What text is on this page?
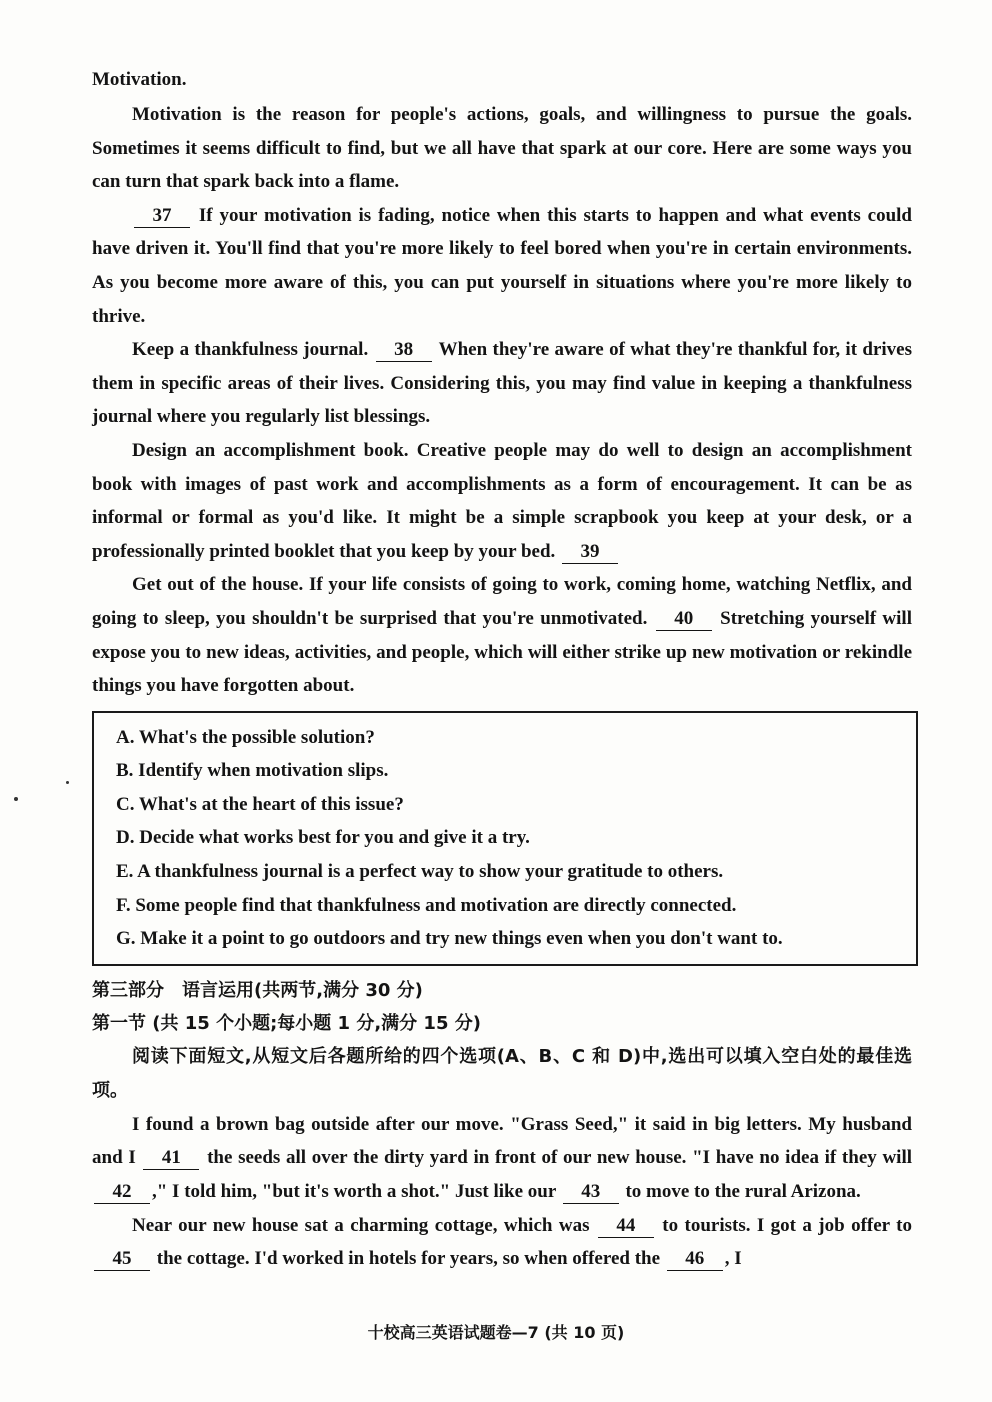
Motivation.

Motivation is the reason for people's actions, goals, and willingness to pursue the goals. Sometimes it seems difficult to find, but we all have that spark at our core. Here are some ways you can turn that spark back into a flame.

37 If your motivation is fading, notice when this starts to happen and what events could have driven it. You'll find that you're more likely to feel bored when you're in certain environments. As you become more aware of this, you can put yourself in situations where you're more likely to thrive.

Keep a thankfulness journal. 38 When they're aware of what they're thankful for, it drives them in specific areas of their lives. Considering this, you may find value in keeping a thankfulness journal where you regularly list blessings.

Design an accomplishment book. Creative people may do well to design an accomplishment book with images of past work and accomplishments as a form of encouragement. It can be as informal or formal as you'd like. It might be a simple scrapbook you keep at your desk, or a professionally printed booklet that you keep by your bed. 39

Get out of the house. If your life consists of going to work, coming home, watching Netflix, and going to sleep, you shouldn't be surprised that you're unmotivated. 40 Stretching yourself will expose you to new ideas, activities, and people, which will either strike up new motivation or rekindle things you have forgotten about.

A. What's the possible solution?
B. Identify when motivation slips.
C. What's at the heart of this issue?
D. Decide what works best for you and give it a try.
E. A thankfulness journal is a perfect way to show your gratitude to others.
F. Some people find that thankfulness and motivation are directly connected.
G. Make it a point to go outdoors and try new things even when you don't want to.

第三部分　语言运用(共两节,满分 30 分)

第一节 (共 15 个小题;每小题 1 分,满分 15 分)

阅读下面短文,从短文后各题所给的四个选项(A、B、C 和 D)中,选出可以填入空白处的最佳选项。

I found a brown bag outside after our move. "Grass Seed," it said in big letters. My husband and I 41 the seeds all over the dirty yard in front of our new house. "I have no idea if they will 42 ," I told him, "but it's worth a shot." Just like our 43 to move to the rural Arizona.

Near our new house sat a charming cottage, which was 44 to tourists. I got a job offer to 45 the cottage. I'd worked in hotels for years, so when offered the 46 , I

十校高三英语试题卷—7 (共 10 页)
